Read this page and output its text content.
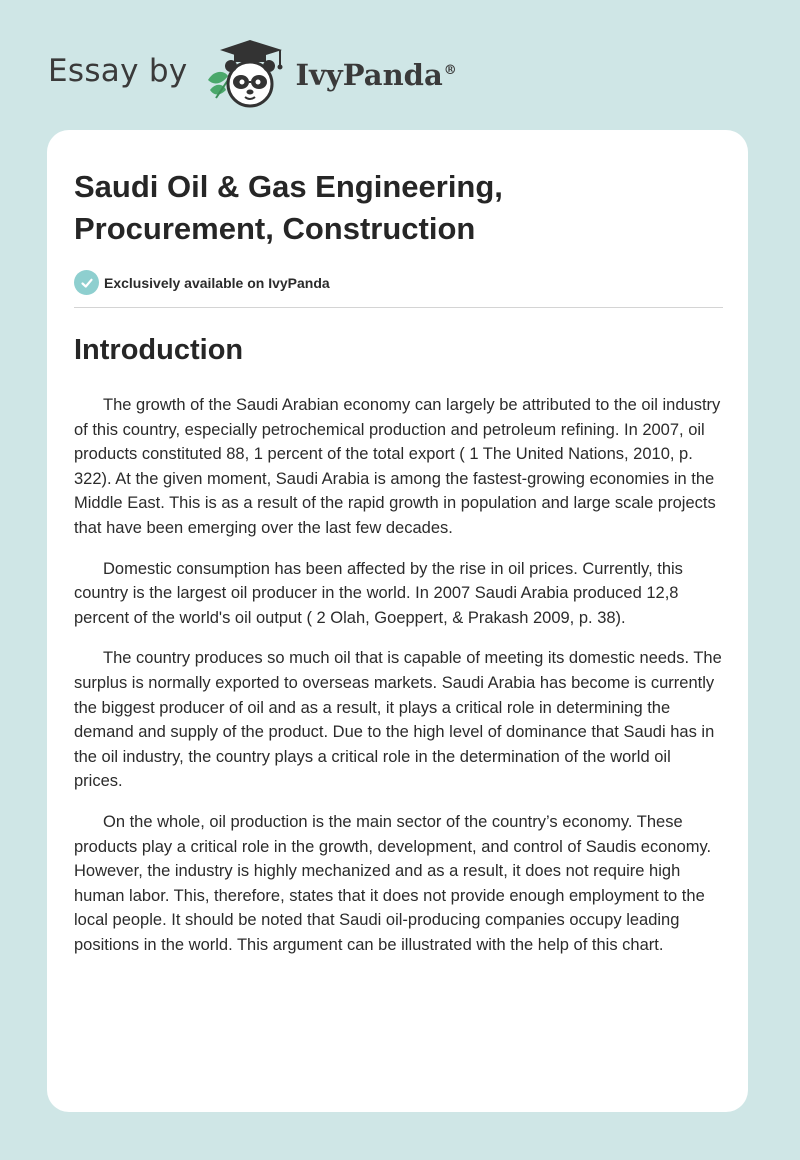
Essay by	IvyPanda®
Saudi Oil & Gas Engineering,
Procurement, Construction
Exclusively available on IvyPanda
Introduction

The growth of the Saudi Arabian economy can largely be attributed to the oil industry of this country, especially petrochemical production and petroleum refining. In 2007, oil products constituted 88, 1 percent of the total export ( 1 The United Nations, 2010, p. 322). At the given moment, Saudi Arabia is among the fastest-growing economies in the Middle East. This is as a result of the rapid growth in population and large scale projects that have been emerging over the last few decades.

Domestic consumption has been affected by the rise in oil prices. Currently, this country is the largest oil producer in the world. In 2007 Saudi Arabia produced 12,8 percent of the world's oil output ( 2 Olah, Goeppert, & Prakash 2009, p. 38).

The country produces so much oil that is capable of meeting its domestic needs. The surplus is normally exported to overseas markets. Saudi Arabia has become is currently the biggest producer of oil and as a result, it plays a critical role in determining the demand and supply of the product. Due to the high level of dominance that Saudi has in the oil industry, the country plays a critical role in the determination of the world oil prices.

On the whole, oil production is the main sector of the country’s economy. These products play a critical role in the growth, development, and control of Saudis economy. However, the industry is highly mechanized and as a result, it does not require high human labor. This, therefore, states that it does not provide enough employment to the local people. It should be noted that Saudi oil-producing companies occupy leading positions in the world. This argument can be illustrated with the help of this chart.
